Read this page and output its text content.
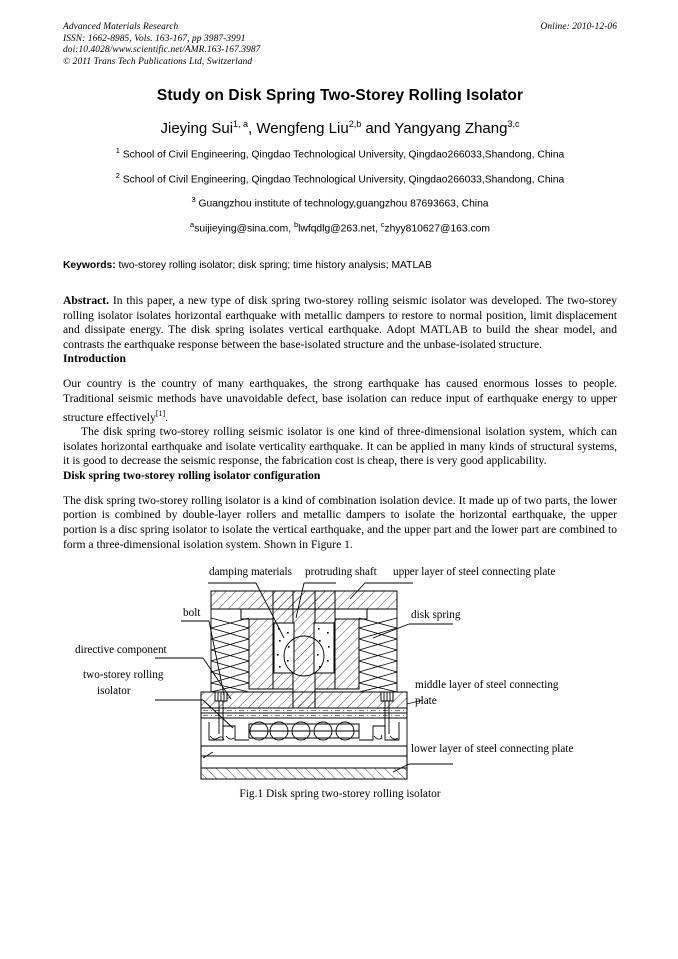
Online: 2010-12-06
Advanced Materials Research
ISSN: 1662-8985, Vols. 163-167, pp 3987-3991
doi:10.4028/www.scientific.net/AMR.163-167.3987
© 2011 Trans Tech Publications Ltd, Switzerland
Study on Disk Spring Two-Storey Rolling Isolator
Jieying Sui$^{1, a}$, Wengfeng Liu$^{2,b}$ and Yangyang Zhang$^{3,c}$
$^1$ School of Civil Engineering, Qingdao Technological University, Qingdao266033,Shandong, China
$^2$ School of Civil Engineering, Qingdao Technological University, Qingdao266033,Shandong, China
$^3$ Guangzhou institute of technology,guangzhou 87693663, China
$^a$suijieying@sina.com, $^b$lwfqdlg@263.net, $^c$zhyy810627@163.com
Keywords: two-storey rolling isolator; disk spring; time history analysis; MATLAB
Abstract. In this paper, a new type of disk spring two-storey rolling seismic isolator was developed. The two-storey rolling isolator isolates horizontal earthquake with metallic dampers to restore to normal position, limit displacement and dissipate energy. The disk spring isolates vertical earthquake. Adopt MATLAB to build the shear model, and contrasts the earthquake response between the base-isolated structure and the unbase-isolated structure.
Introduction

Our country is the country of many earthquakes, the strong earthquake has caused enormous losses to people. Traditional seismic methods have unavoidable defect, base isolation can reduce input of earthquake energy to upper structure effectively[1].

The disk spring two-storey rolling seismic isolator is one kind of three-dimensional isolation system, which can isolates horizontal earthquake and isolate verticality earthquake. It can be applied in many kinds of structural systems, it is good to decrease the seismic response, the fabrication cost is cheap, there is very good applicability.

Disk spring two-storey rolling isolator configuration

The disk spring two-storey rolling isolator is a kind of combination isolation device. It made up of two parts, the lower portion is combined by double-layer rollers and metallic dampers to isolate the horizontal earthquake, the upper portion is a disc spring isolator to isolate the vertical earthquake, and the upper part and the lower part are combined to form a three-dimensional isolation system. Shown in Figure 1.

damping materials protruding shaft upper layer of steel connecting plate
bolt	disk spring
directive component
middle layer of steel connecting
plate
two-storey rolling
isolator
lower layer of steel connecting plate
Fig.1 Disk spring two-storey rolling isolator
